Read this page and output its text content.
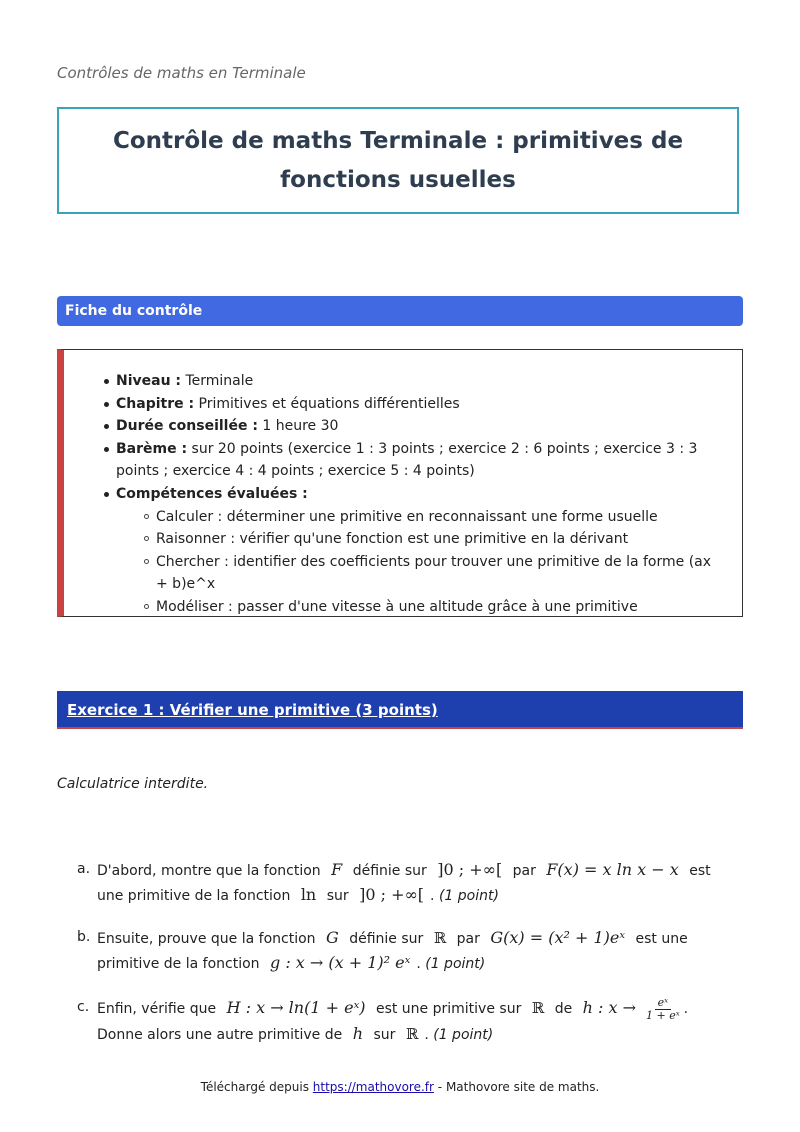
Contrôles de maths en Terminale
Contrôle de maths Terminale : primitives de fonctions usuelles
Fiche du contrôle
Niveau : Terminale
Chapitre : Primitives et équations différentielles
Durée conseillée : 1 heure 30
Barème : sur 20 points (exercice 1 : 3 points ; exercice 2 : 6 points ; exercice 3 : 3 points ; exercice 4 : 4 points ; exercice 5 : 4 points)
Compétences évaluées :
Calculer : déterminer une primitive en reconnaissant une forme usuelle
Raisonner : vérifier qu'une fonction est une primitive en la dérivant
Chercher : identifier des coefficients pour trouver une primitive de la forme (ax + b)e^x
Modéliser : passer d'une vitesse à une altitude grâce à une primitive
Exercice 1 : Vérifier une primitive (3 points)
Calculatrice interdite.
a. D'abord, montre que la fonction F définie sur ]0 ; +∞[ par F(x) = x ln x − x est une primitive de la fonction ln sur ]0 ; +∞[ . (1 point)
b. Ensuite, prouve que la fonction G définie sur ℝ par G(x) = (x² + 1)eˣ est une primitive de la fonction g : x → (x + 1)² eˣ . (1 point)
c. Enfin, vérifie que H : x → ln(1 + eˣ) est une primitive sur ℝ de h : $x \to \frac{\text{eˣ}}{\text{1 + eˣ}}$ . Donne alors une autre primitive de h sur ℝ . (1 point)
Téléchargé depuis https://mathovore.fr - Mathovore site de maths.
